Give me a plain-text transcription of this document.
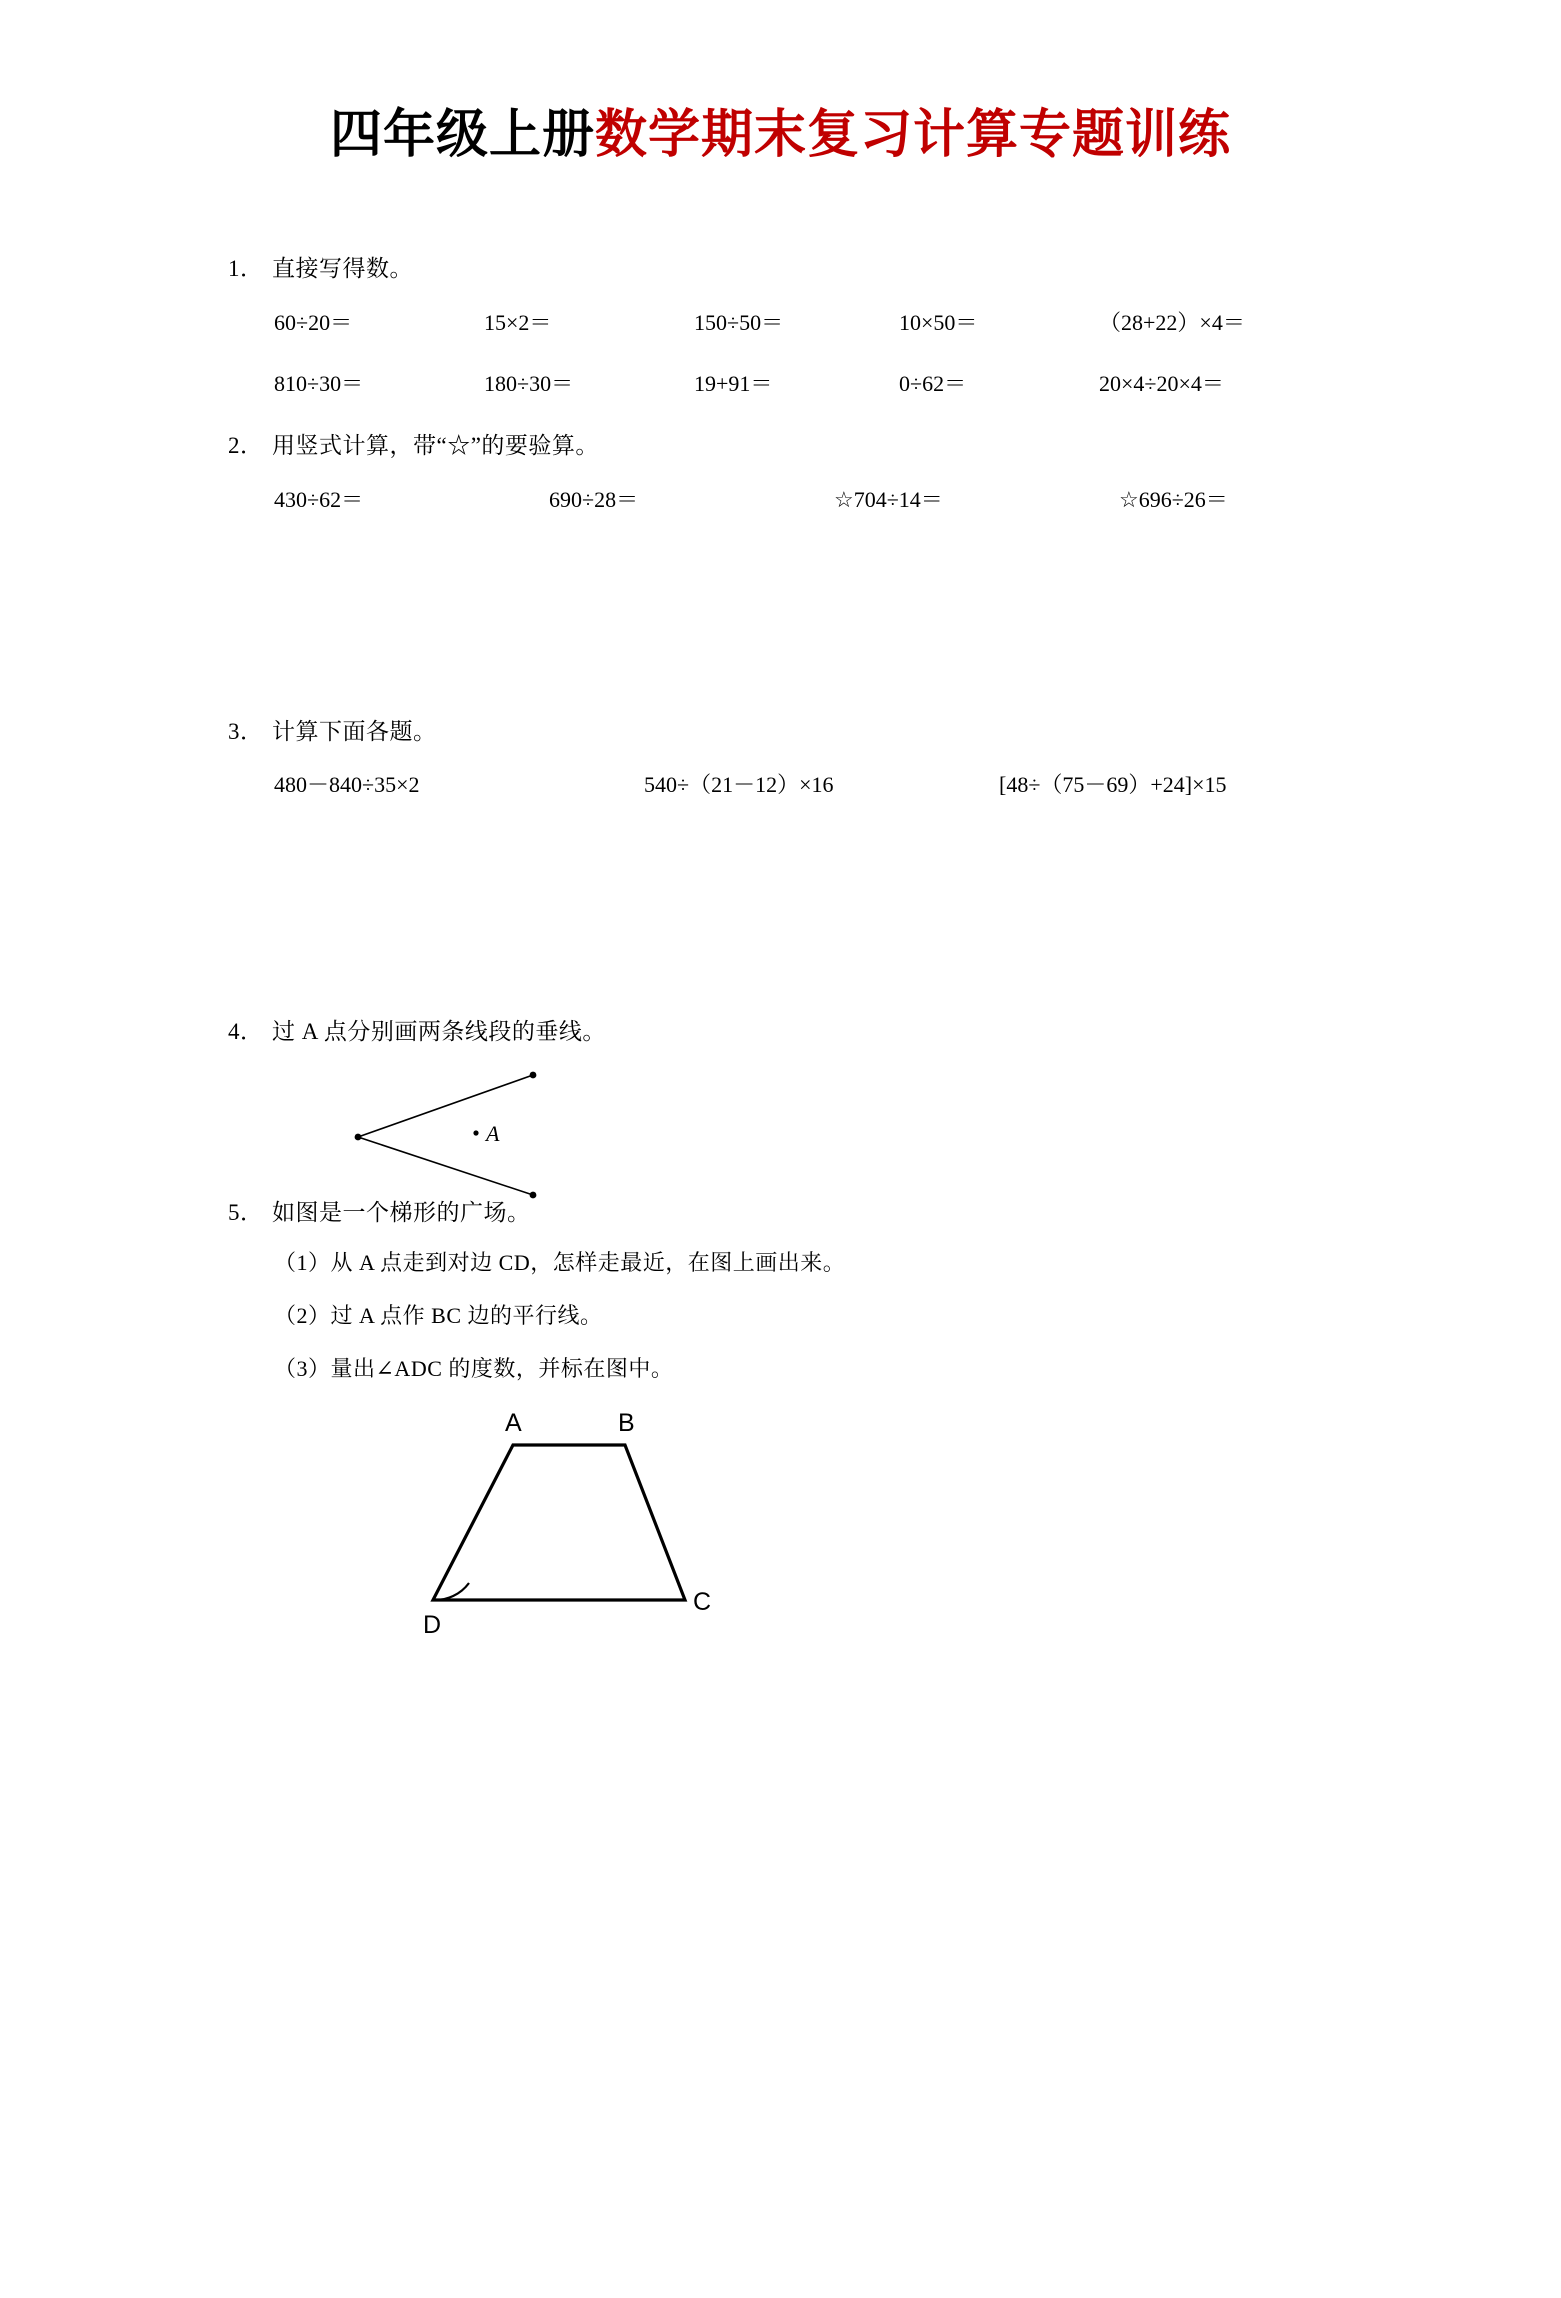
四年级上册数学期末复习计算专题训练
1． 直接写得数。
60÷20＝	15×2＝	150÷50＝	10×50＝	（28+22）×4＝
810÷30＝	180÷30＝	19+91＝	0÷62＝	20×4÷20×4＝
2． 用竖式计算，带“☆”的要验算。
430÷62＝	690÷28＝	☆704÷14＝	☆696÷26＝
3． 计算下面各题。
480－840÷35×2	540÷（21－12）×16	[48÷（75－69）+24]×15
4． 过 A 点分别画两条线段的垂线。
A
5． 如图是一个梯形的广场。
（1）从 A 点走到对边 CD，怎样走最近，在图上画出来。
（2）过 A 点作 BC 边的平行线。
（3）量出∠ADC 的度数，并标在图中。
A	B
C
D
